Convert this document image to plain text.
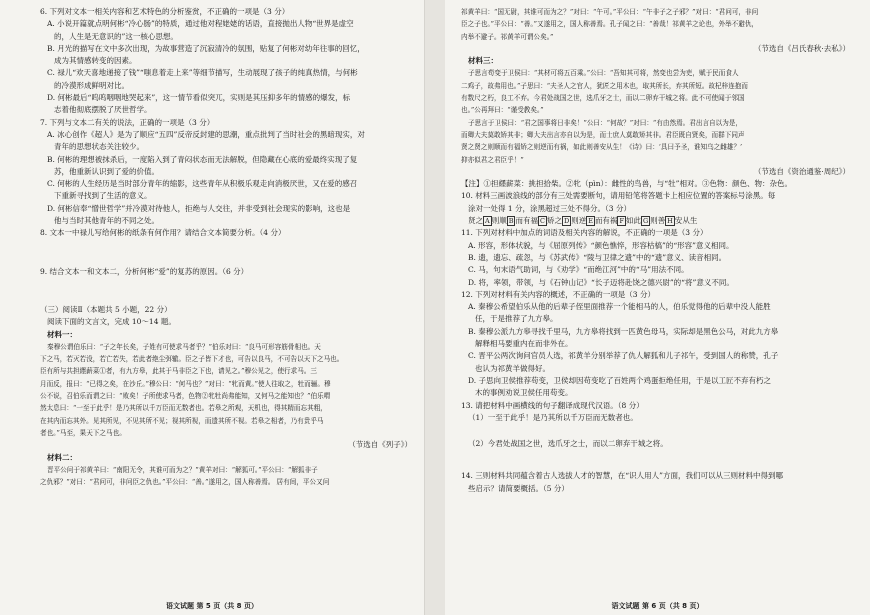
6. 下列对文本一相关内容和艺术特色的分析鉴赏，不正确的一项是（3 分）

A. 小说开篇就点明何彬“冷心肠”的特质，通过他对程姥姥的话语，直接抛出人物“世界是虚空

的，人生是无意识的”这一核心思想。

B. 月光的描写在文中多次出现，为故事营造了沉寂清冷的氛围，贴复了何彬对幼年往事的回忆，

成为其情感转变的因素。

C. 禄儿“欢天喜地递接了钱”“嗤息着走上来”等细节描写，生动展现了孩子的纯真热情，与何彬

的冷漠形成鲜明对比。

D. 何彬最后“呜呜咽咽地哭起来”，这一情节看似突兀，实则是其压抑多年的情感的爆发，标

志着他彻底摆脱了厌世哲学。

7. 下列与文本二有关的说法，正确的一项是（3 分）

A. 冰心创作《超人》是为了顺应“五四”反帝反封建的思潮，重点批判了当时社会的黑暗现实，对

青年的思想状态关注较少。

B. 何彬的理想被抹杀后，一度陷入到了青闷状态而无法解脱，但隐藏在心底的爱最终实现了复

苏，他重新认识到了爱的价值。

C. 何彬的人生经历是当时部分青年的缩影，这些青年从积极乐观走向消极厌世，又在爱的感召

下重新寻找到了生活的意义。

D. 何彬信奉“憎世哲学”并冷漠对待他人，拒绝与人交往，并非受到社会现实的影响，这也是

他与当时其他青年的不同之处。

8. 文本一中禄儿写给何彬的纸条有何作用？请结合文本简要分析。（4 分）

9. 结合文本一和文本二，分析何彬“爱”的复苏的原因。（6 分）

（三）阅读Ⅱ（本题共 5 小题，22 分）

阅读下面的文言文，完成 10～14 题。

材料一：

秦穆公谓伯乐曰：“子之年长矣，子姓有可使求马者乎？”伯乐对曰：“良马可形容筋骨相也。天

下之马，若灭若没，若亡若失，若此者绝尘弭辙。臣之子皆下才也，可告以良马，不可告以天下之马也。

臣有所与共担纆薪菜①者，有九方皋，此其于马非臣之下也，请见之。”穆公见之，使行求马。三

月而反，报曰：“已得之矣，在沙丘。”穆公曰：“何马也？”对曰：“牝而黄。”使人往取之，牡而骊。穆

公不说，召伯乐而谓之曰：“败矣！子所使求马者，色物②牝牡尚弗能知，又何马之能知也？”伯乐喟

然太息曰：“一至于此乎！是乃其所以千万臣而无数者也。若皋之所观，天机也，得其精而忘其粗，

在其内而忘其外。见其所见，不见其所不见；视其所视，而遗其所不视。若皋之相者，乃有贵乎马

者也。”马至，果天下之马也。

（节选自《列子》）

材料二：

晋平公问于祁黄羊曰：“南阳无令，其谁可而为之？”黄羊对曰：“解狐可。”平公曰：“解狐非子

之仇邪？”对曰：“君问可，非问臣之仇也。”平公曰：“善。”遂用之，国人称善焉。 居有间，平公又问

语文试题 第 5 页（共 8 页）

祁黄羊曰：“国无尉，其谁可而为之？”对曰：“午可。”平公曰：“午非子之子邪？”对曰：“君问可，非问

臣之子也。”平公曰：“善。”又遂用之，国人称善焉。孔子闻之曰：“善哉！祁黄羊之论也，外举不避仇，

内举不避子。祁黄羊可谓公矣。”

（节选自《吕氏春秋·去私》）

材料三：

子思言苟变于卫侯曰：“其材可将五百乘。”公曰：“吾知其可将，然变也尝为吏，赋于民而食人

二鸡子，故弗用也。”子思曰：“夫圣人之官人，犹匠之用木也，取其所长，弃其所短。故杞梓连抱而

有数尺之朽，良工不弃。今君处战国之世，选爪牙之士，而以二卵弃干城之将。此不可使闻于邻国

也。”公再拜曰：“谨受教矣。”

子思言于卫侯曰：“君之国事将日非矣！”公曰：“何故？”对曰：“有由然焉。君出言自以为是，

而卿大夫莫敢矫其非；卿大夫出言亦自以为是，而士庶人莫敢矫其非。君臣既自贤矣，而群下同声

贤之贤之则顺而有福矫之则逆而有祸，如此则善安从生！《诗》曰：‘具曰予圣，谁知乌之雌雄？’

抑亦似君之君臣乎！”

（节选自《资治通鉴·周纪》）

【注】①担纆薪菜：挑担拾柴。②牝（pìn）：雌性的鸟兽，与“牡”相对。③色物：颜色、物：杂色。

10. 材料三画波浪线的部分有三处需要断句，请用铅笔将答题卡上相应位置的答案标号涂黑。每

涂对一处得 1 分，涂黑超过三处不得分。（3 分）

贤之 A 则顺 B 而有福 C 矫之 D 则逆 E 而有祸 F 如此 G 则善 H 安从生

11. 下列对材料中加点的词语及相关内容的解说，不正确的一项是（3 分）

A. 形容，形体状貌，与《屈原列传》“颜色憔悴，形容枯槁”的“形容”意义相同。

B. 遗，遗忘、疏忽，与《苏武传》“陵与卫律之遗”中的“遗”意义、读音相同。

C. 马，句末语气助词，与《劝学》“而绝江河”中的“马”用法不同。

D. 将，率领，带领，与《石钟山记》“长子迈将赴饶之德兴尉”的“将”意义不同。

12. 下列对材料有关内容的概述，不正确的一项是（3 分）

A. 秦穆公希望伯乐从他的后辈子侄里面推荐一个能相马的人，伯乐觉得他的后辈中没人能胜

任，于是推荐了九方皋。

B. 秦穆公派九方皋寻找千里马，九方皋将找到一匹黄色母马，实际却是黑色公马，对此九方皋

解释相马要重内在而非外在。

C. 晋平公两次询问官员人选，祁黄羊分别举荐了仇人解狐和儿子祁午，受到国人的称赞，孔子

也认为祁黄羊做得好。

D. 子思向卫侯推荐苟变，卫侯却因苟变吃了百姓两个鸡蛋拒绝任用，于是以工匠不弃有朽之

木的事例劝说卫侯任用苟变。

13. 请把材料中画横线的句子翻译成现代汉语。（8 分）

（1）一至于此乎！是乃其所以千万臣而无数者也。

（2）今君处战国之世，选爪牙之士，而以二卵弃干城之将。

14. 三则材料共同蕴含着古人选拔人才的智慧，在“识人用人”方面，我们可以从三则材料中得到哪

些启示？请简要概括。（5 分）

语文试题 第 6 页（共 8 页）
